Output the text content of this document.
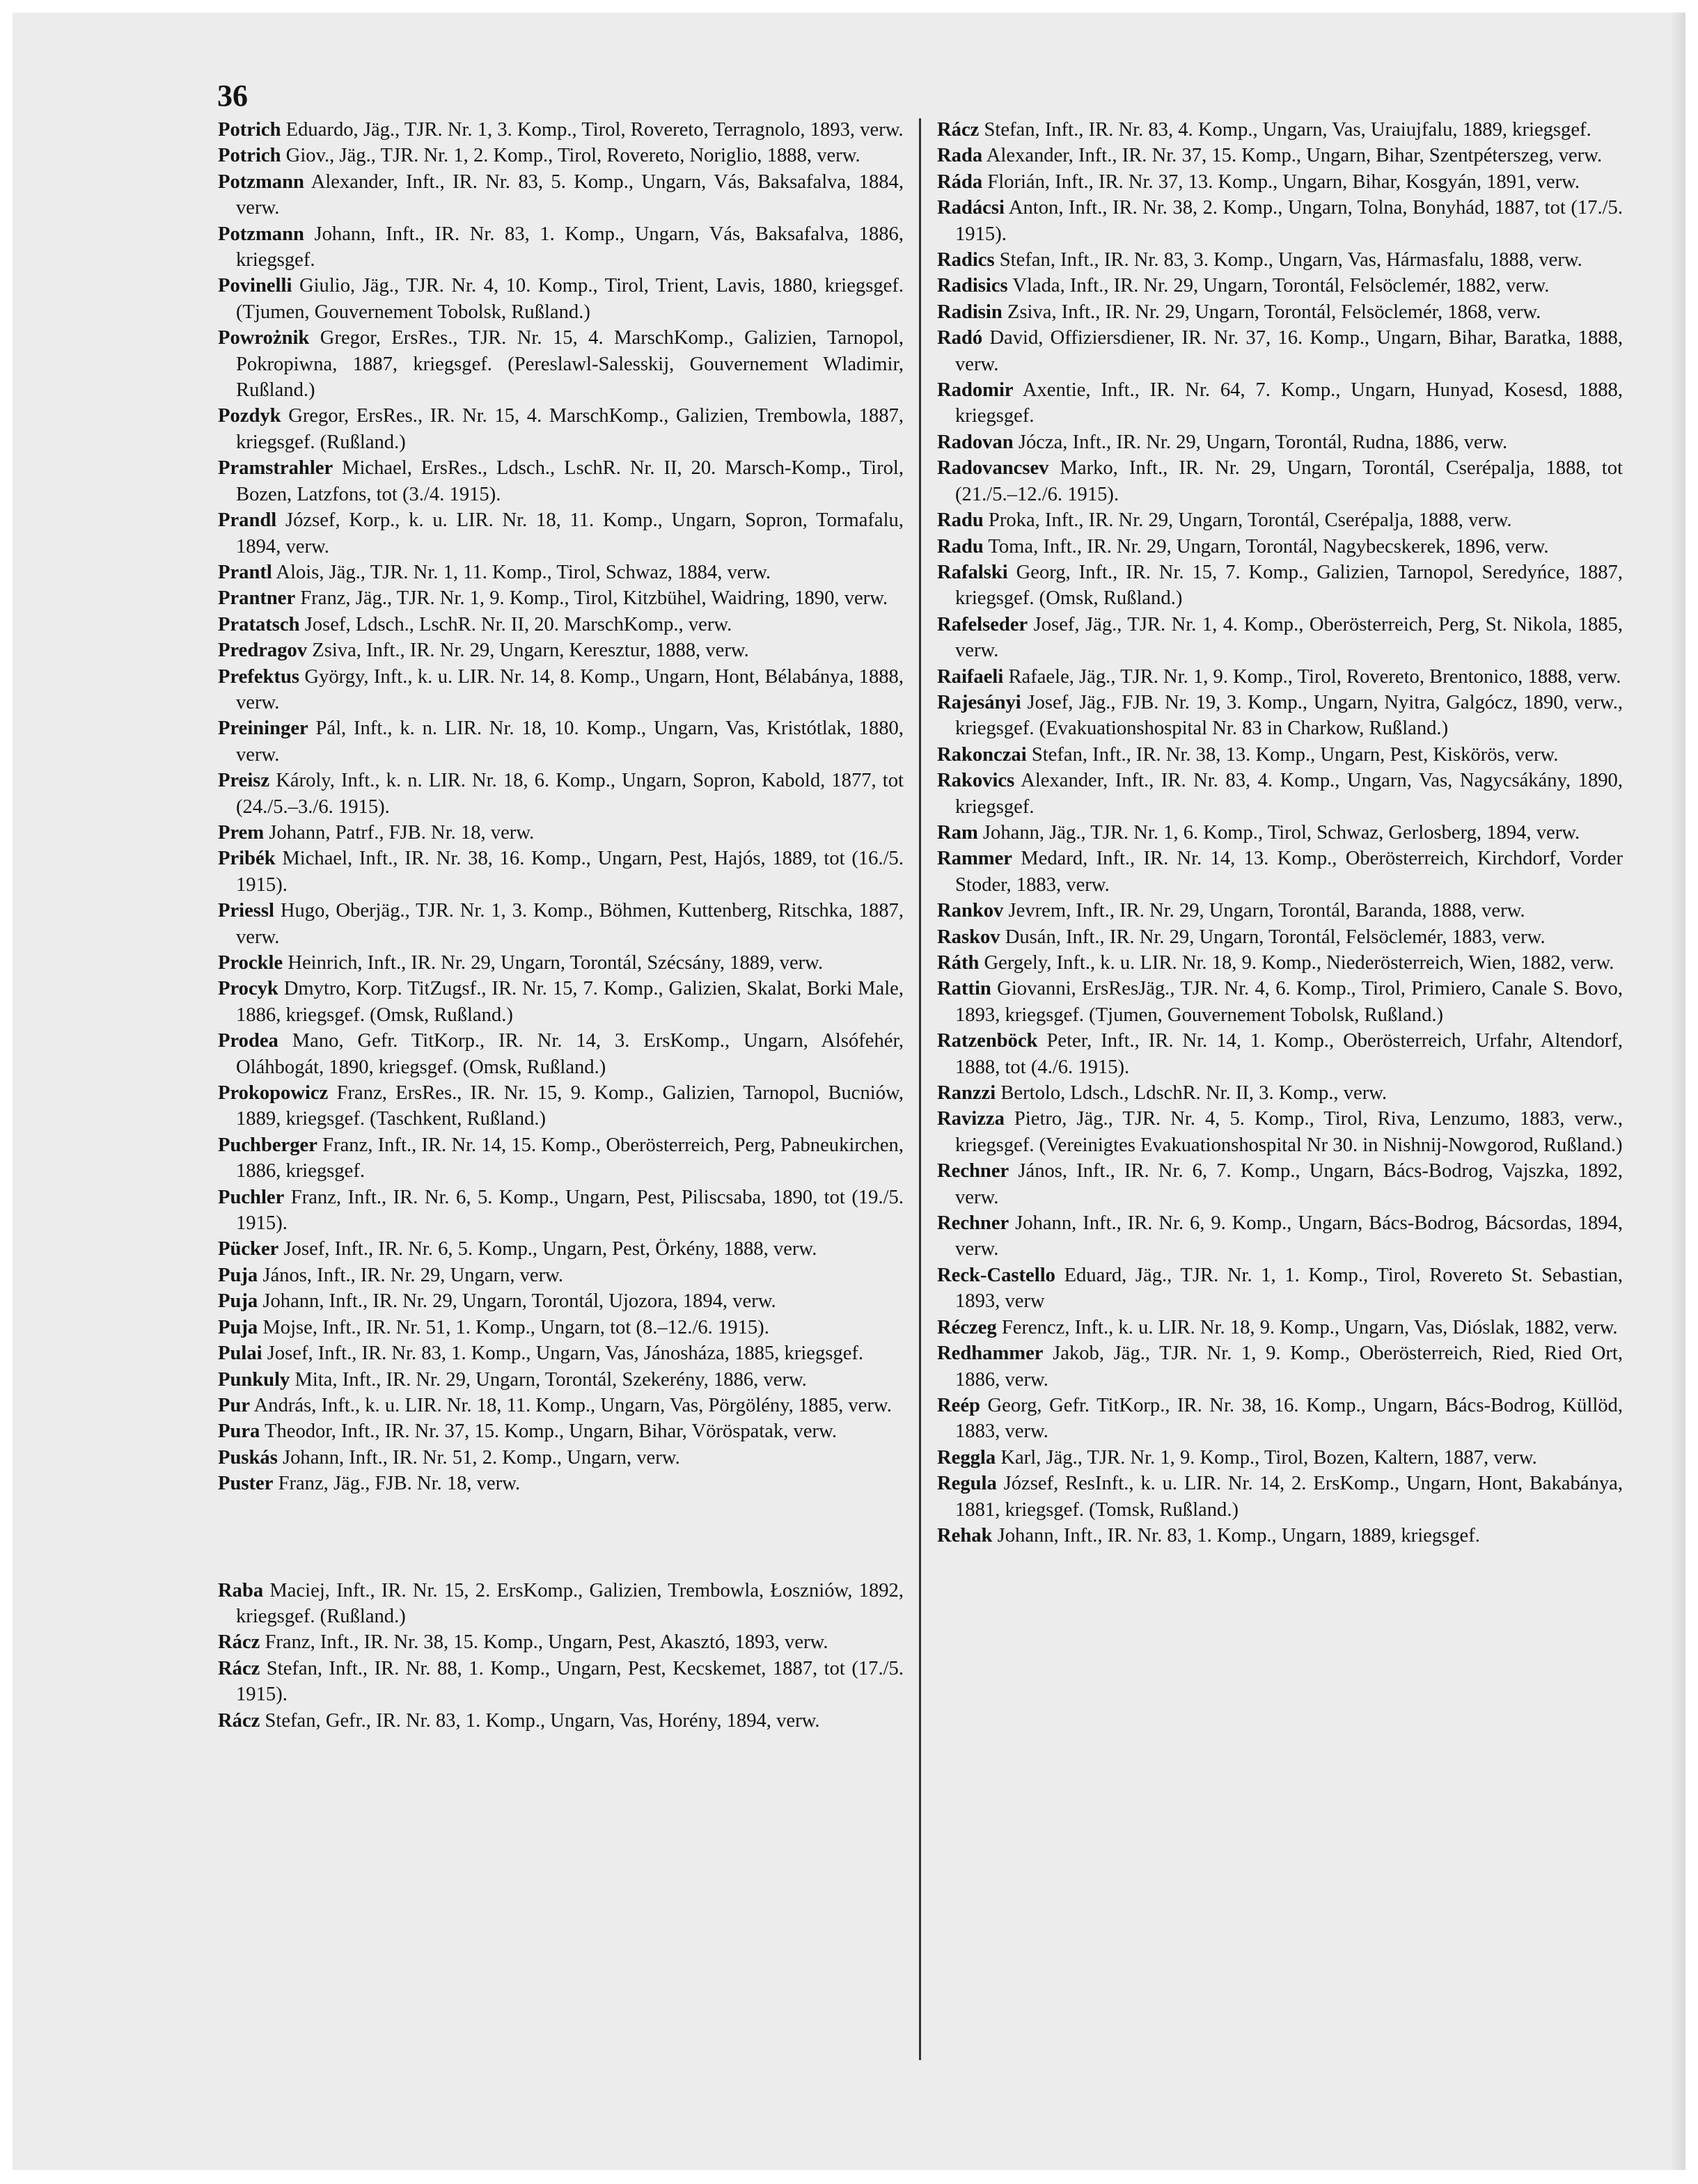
36

Potrich Eduardo, Jäg., TJR. Nr. 1, 3. Komp., Tirol, Rovereto, Terragnolo, 1893, verw.

Potrich Giov., Jäg., TJR. Nr. 1, 2. Komp., Tirol, Rovereto, Noriglio, 1888, verw.

Potzmann Alexander, Inft., IR. Nr. 83, 5. Komp., Ungarn, Vás, Baksafalva, 1884, verw.

Potzmann Johann, Inft., IR. Nr. 83, 1. Komp., Ungarn, Vás, Baksafalva, 1886, kriegsgef.

Povinelli Giulio, Jäg., TJR. Nr. 4, 10. Komp., Tirol, Trient, Lavis, 1880, kriegsgef. (Tjumen, Gouvernement Tobolsk, Rußland.)

Powrożnik Gregor, ErsRes., TJR. Nr. 15, 4. MarschKomp., Galizien, Tarnopol, Pokropiwna, 1887, kriegsgef. (Pereslawl-Salesskij, Gouvernement Wladimir, Rußland.)

Pozdyk Gregor, ErsRes., IR. Nr. 15, 4. MarschKomp., Galizien, Trembowla, 1887, kriegsgef. (Rußland.)

Pramstrahler Michael, ErsRes., Ldsch., LschR. Nr. II, 20. Marsch-Komp., Tirol, Bozen, Latzfons, tot (3./4. 1915).

Prandl József, Korp., k. u. LIR. Nr. 18, 11. Komp., Ungarn, Sopron, Tormafalu, 1894, verw.

Prantl Alois, Jäg., TJR. Nr. 1, 11. Komp., Tirol, Schwaz, 1884, verw.

Prantner Franz, Jäg., TJR. Nr. 1, 9. Komp., Tirol, Kitzbühel, Waidring, 1890, verw.

Pratatsch Josef, Ldsch., LschR. Nr. II, 20. MarschKomp., verw.

Predragov Zsiva, Inft., IR. Nr. 29, Ungarn, Keresztur, 1888, verw.

Prefektus György, Inft., k. u. LIR. Nr. 14, 8. Komp., Ungarn, Hont, Bélabánya, 1888, verw.

Preininger Pál, Inft., k. n. LIR. Nr. 18, 10. Komp., Ungarn, Vas, Kristótlak, 1880, verw.

Preisz Károly, Inft., k. n. LIR. Nr. 18, 6. Komp., Ungarn, Sopron, Kabold, 1877, tot (24./5.–3./6. 1915).

Prem Johann, Patrf., FJB. Nr. 18, verw.

Pribék Michael, Inft., IR. Nr. 38, 16. Komp., Ungarn, Pest, Hajós, 1889, tot (16./5. 1915).

Priessl Hugo, Oberjäg., TJR. Nr. 1, 3. Komp., Böhmen, Kuttenberg, Ritschka, 1887, verw.

Prockle Heinrich, Inft., IR. Nr. 29, Ungarn, Torontál, Szécsány, 1889, verw.

Procyk Dmytro, Korp. TitZugsf., IR. Nr. 15, 7. Komp., Galizien, Skalat, Borki Male, 1886, kriegsgef. (Omsk, Rußland.)

Prodea Mano, Gefr. TitKorp., IR. Nr. 14, 3. ErsKomp., Ungarn, Alsófehér, Oláhbogát, 1890, kriegsgef. (Omsk, Rußland.)

Prokopowicz Franz, ErsRes., IR. Nr. 15, 9. Komp., Galizien, Tarnopol, Bucniów, 1889, kriegsgef. (Taschkent, Rußland.)

Puchberger Franz, Inft., IR. Nr. 14, 15. Komp., Oberösterreich, Perg, Pabneukirchen, 1886, kriegsgef.

Puchler Franz, Inft., IR. Nr. 6, 5. Komp., Ungarn, Pest, Piliscsaba, 1890, tot (19./5. 1915).

Pücker Josef, Inft., IR. Nr. 6, 5. Komp., Ungarn, Pest, Örkény, 1888, verw.

Puja János, Inft., IR. Nr. 29, Ungarn, verw.

Puja Johann, Inft., IR. Nr. 29, Ungarn, Torontál, Ujozora, 1894, verw.

Puja Mojse, Inft., IR. Nr. 51, 1. Komp., Ungarn, tot (8.–12./6. 1915).

Pulai Josef, Inft., IR. Nr. 83, 1. Komp., Ungarn, Vas, Jánosháza, 1885, kriegsgef.

Punkuly Mita, Inft., IR. Nr. 29, Ungarn, Torontál, Szekerény, 1886, verw.

Pur András, Inft., k. u. LIR. Nr. 18, 11. Komp., Ungarn, Vas, Pörgölény, 1885, verw.

Pura Theodor, Inft., IR. Nr. 37, 15. Komp., Ungarn, Bihar, Vöröspatak, verw.

Puskás Johann, Inft., IR. Nr. 51, 2. Komp., Ungarn, verw.

Puster Franz, Jäg., FJB. Nr. 18, verw.

Raba Maciej, Inft., IR. Nr. 15, 2. ErsKomp., Galizien, Trembowla, Łoszniów, 1892, kriegsgef. (Rußland.)

Rácz Franz, Inft., IR. Nr. 38, 15. Komp., Ungarn, Pest, Akasztó, 1893, verw.

Rácz Stefan, Inft., IR. Nr. 88, 1. Komp., Ungarn, Pest, Kecskemet, 1887, tot (17./5. 1915).

Rácz Stefan, Gefr., IR. Nr. 83, 1. Komp., Ungarn, Vas, Horény, 1894, verw.

Rácz Stefan, Inft., IR. Nr. 83, 4. Komp., Ungarn, Vas, Uraiujfalu, 1889, kriegsgef.

Rada Alexander, Inft., IR. Nr. 37, 15. Komp., Ungarn, Bihar, Szentpéterszeg, verw.

Ráda Florián, Inft., IR. Nr. 37, 13. Komp., Ungarn, Bihar, Kosgyán, 1891, verw.

Radácsi Anton, Inft., IR. Nr. 38, 2. Komp., Ungarn, Tolna, Bonyhád, 1887, tot (17./5. 1915).

Radics Stefan, Inft., IR. Nr. 83, 3. Komp., Ungarn, Vas, Hármasfalu, 1888, verw.

Radisics Vlada, Inft., IR. Nr. 29, Ungarn, Torontál, Felsöclemér, 1882, verw.

Radisin Zsiva, Inft., IR. Nr. 29, Ungarn, Torontál, Felsöclemér, 1868, verw.

Radó David, Offiziersdiener, IR. Nr. 37, 16. Komp., Ungarn, Bihar, Baratka, 1888, verw.

Radomir Axentie, Inft., IR. Nr. 64, 7. Komp., Ungarn, Hunyad, Kosesd, 1888, kriegsgef.

Radovan Jócza, Inft., IR. Nr. 29, Ungarn, Torontál, Rudna, 1886, verw.

Radovancsev Marko, Inft., IR. Nr. 29, Ungarn, Torontál, Cserépalja, 1888, tot (21./5.–12./6. 1915).

Radu Proka, Inft., IR. Nr. 29, Ungarn, Torontál, Cserépalja, 1888, verw.

Radu Toma, Inft., IR. Nr. 29, Ungarn, Torontál, Nagybecskerek, 1896, verw.

Rafalski Georg, Inft., IR. Nr. 15, 7. Komp., Galizien, Tarnopol, Seredyńce, 1887, kriegsgef. (Omsk, Rußland.)

Rafelseder Josef, Jäg., TJR. Nr. 1, 4. Komp., Oberösterreich, Perg, St. Nikola, 1885, verw.

Raifaeli Rafaele, Jäg., TJR. Nr. 1, 9. Komp., Tirol, Rovereto, Brentonico, 1888, verw.

Rajesányi Josef, Jäg., FJB. Nr. 19, 3. Komp., Ungarn, Nyitra, Galgócz, 1890, verw., kriegsgef. (Evakuationshospital Nr. 83 in Charkow, Rußland.)

Rakonczai Stefan, Inft., IR. Nr. 38, 13. Komp., Ungarn, Pest, Kiskörös, verw.

Rakovics Alexander, Inft., IR. Nr. 83, 4. Komp., Ungarn, Vas, Nagycsákány, 1890, kriegsgef.

Ram Johann, Jäg., TJR. Nr. 1, 6. Komp., Tirol, Schwaz, Gerlosberg, 1894, verw.

Rammer Medard, Inft., IR. Nr. 14, 13. Komp., Oberösterreich, Kirchdorf, Vorder Stoder, 1883, verw.

Rankov Jevrem, Inft., IR. Nr. 29, Ungarn, Torontál, Baranda, 1888, verw.

Raskov Dusán, Inft., IR. Nr. 29, Ungarn, Torontál, Felsöclemér, 1883, verw.

Ráth Gergely, Inft., k. u. LIR. Nr. 18, 9. Komp., Niederösterreich, Wien, 1882, verw.

Rattin Giovanni, ErsResJäg., TJR. Nr. 4, 6. Komp., Tirol, Primiero, Canale S. Bovo, 1893, kriegsgef. (Tjumen, Gouvernement Tobolsk, Rußland.)

Ratzenböck Peter, Inft., IR. Nr. 14, 1. Komp., Oberösterreich, Urfahr, Altendorf, 1888, tot (4./6. 1915).

Ranzzi Bertolo, Ldsch., LdschR. Nr. II, 3. Komp., verw.

Ravizza Pietro, Jäg., TJR. Nr. 4, 5. Komp., Tirol, Riva, Lenzumo, 1883, verw., kriegsgef. (Vereinigtes Evakuationshospital Nr 30. in Nishnij-Nowgorod, Rußland.)

Rechner János, Inft., IR. Nr. 6, 7. Komp., Ungarn, Bács-Bodrog, Vajszka, 1892, verw.

Rechner Johann, Inft., IR. Nr. 6, 9. Komp., Ungarn, Bács-Bodrog, Bácsordas, 1894, verw.

Reck-Castello Eduard, Jäg., TJR. Nr. 1, 1. Komp., Tirol, Rovereto St. Sebastian, 1893, verw

Réczeg Ferencz, Inft., k. u. LIR. Nr. 18, 9. Komp., Ungarn, Vas, Dióslak, 1882, verw.

Redhammer Jakob, Jäg., TJR. Nr. 1, 9. Komp., Oberösterreich, Ried, Ried Ort, 1886, verw.

Reép Georg, Gefr. TitKorp., IR. Nr. 38, 16. Komp., Ungarn, Bács-Bodrog, Küllöd, 1883, verw.

Reggla Karl, Jäg., TJR. Nr. 1, 9. Komp., Tirol, Bozen, Kaltern, 1887, verw.

Regula József, ResInft., k. u. LIR. Nr. 14, 2. ErsKomp., Ungarn, Hont, Bakabánya, 1881, kriegsgef. (Tomsk, Rußland.)

Rehak Johann, Inft., IR. Nr. 83, 1. Komp., Ungarn, 1889, kriegsgef.
